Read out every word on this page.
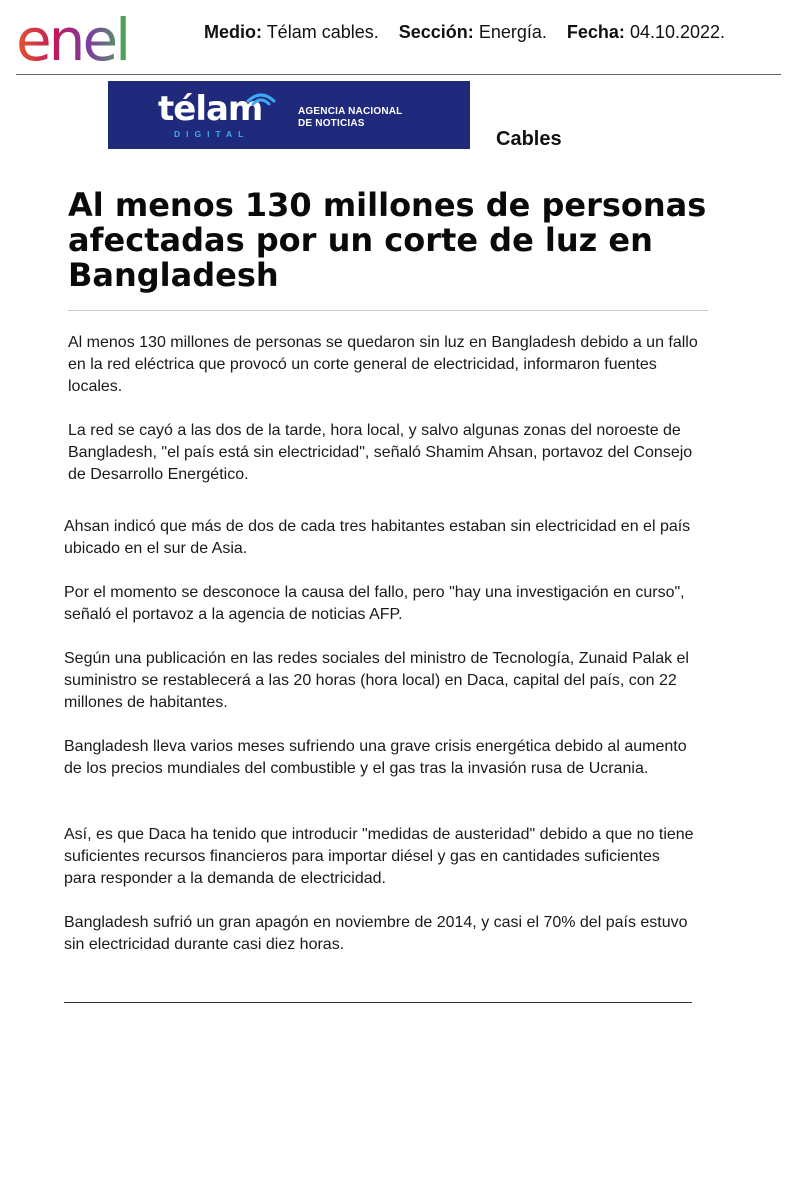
enel	Medio: Télam cables. Sección: Energía. Fecha: 04.10.2022.
télam
DIGITAL
AGENCIA NACIONAL
DE NOTICIAS
Cables
Al menos 130 millones de personas afectadas por un corte de luz en Bangladesh

Al menos 130 millones de personas se quedaron sin luz en Bangladesh debido a un fallo en la red eléctrica que provocó un corte general de electricidad, informaron fuentes locales.

La red se cayó a las dos de la tarde, hora local, y salvo algunas zonas del noroeste de Bangladesh, "el país está sin electricidad", señaló Shamim Ahsan, portavoz del Consejo de Desarrollo Energético.

Ahsan indicó que más de dos de cada tres habitantes estaban sin electricidad en el país ubicado en el sur de Asia.

Por el momento se desconoce la causa del fallo, pero "hay una investigación en curso", señaló el portavoz a la agencia de noticias AFP.

Según una publicación en las redes sociales del ministro de Tecnología, Zunaid Palak el suministro se restablecerá a las 20 horas (hora local) en Daca, capital del país, con 22 millones de habitantes.

Bangladesh lleva varios meses sufriendo una grave crisis energética debido al aumento de los precios mundiales del combustible y el gas tras la invasión rusa de Ucrania.

Así, es que Daca ha tenido que introducir "medidas de austeridad" debido a que no tiene suficientes recursos financieros para importar diésel y gas en cantidades suficientes para responder a la demanda de electricidad.

Bangladesh sufrió un gran apagón en noviembre de 2014, y casi el 70% del país estuvo sin electricidad durante casi diez horas.
